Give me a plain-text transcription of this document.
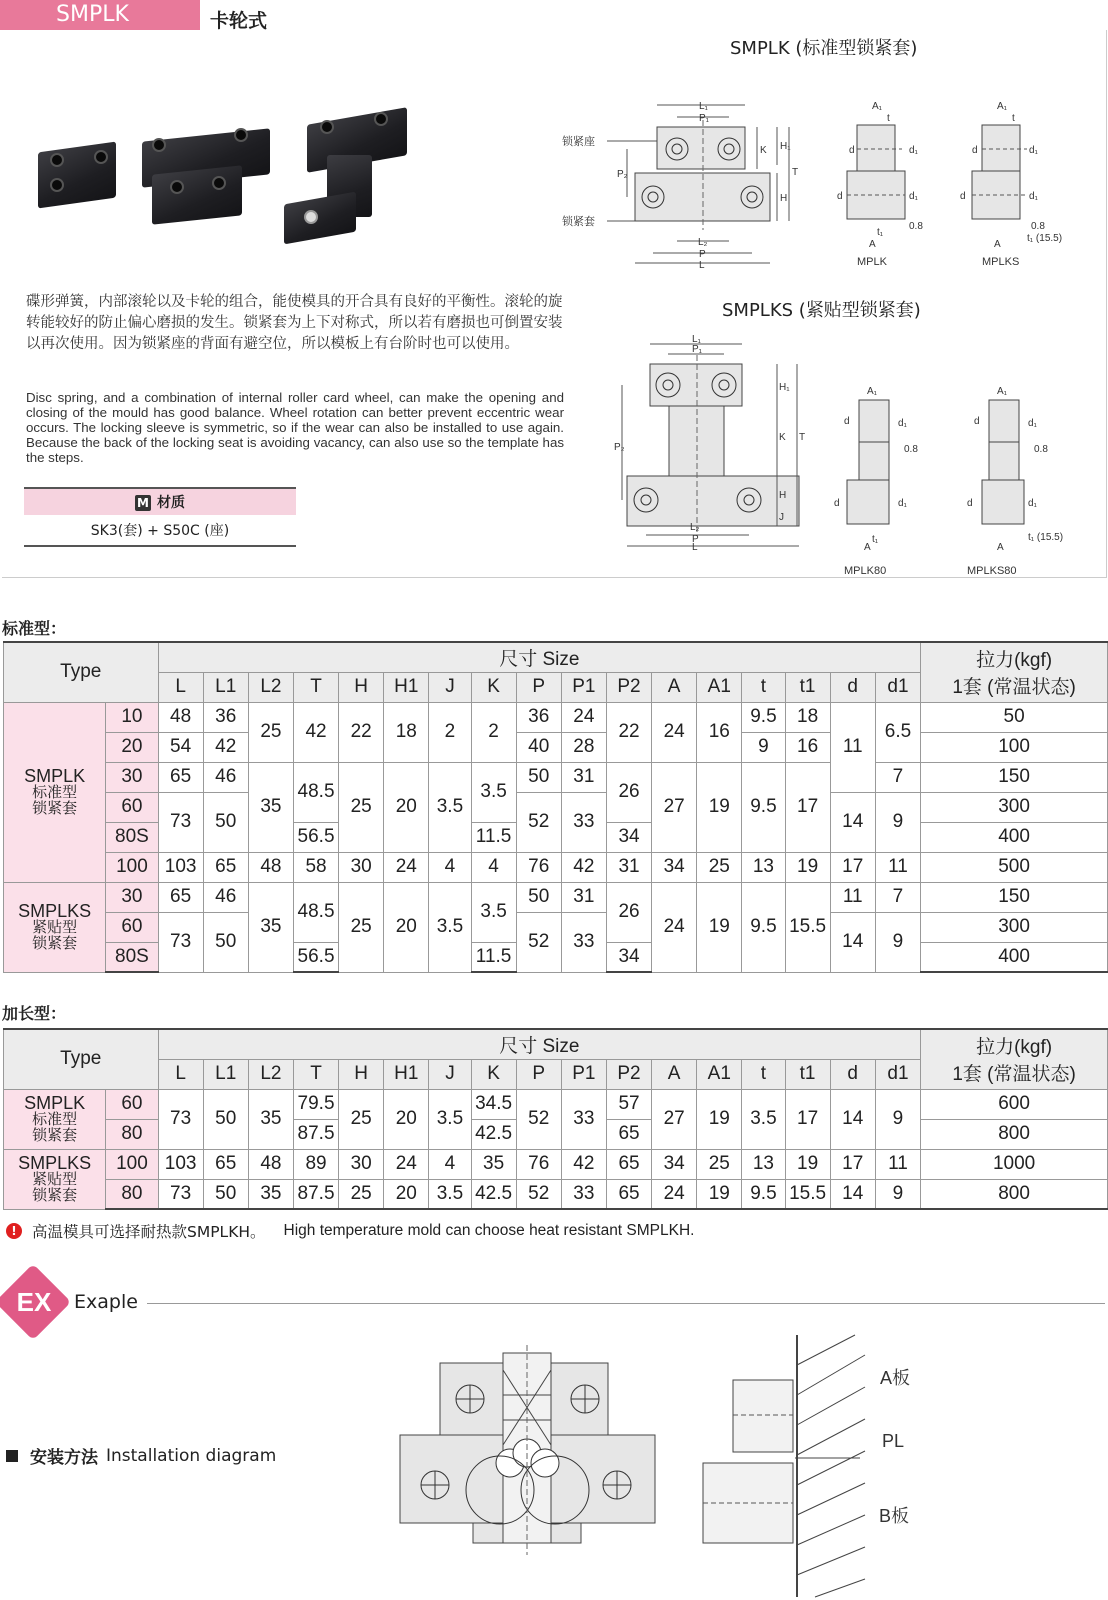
SMPLK	卡轮式
碟形弹簧，内部滚轮以及卡轮的组合，能使模具的开合具有良好的平衡性。滚轮的旋转能较好的防止偏心磨损的发生。锁紧套为上下对称式，所以若有磨损也可倒置安装以再次使用。因为锁紧座的背面有避空位，所以模板上有台阶时也可以使用。
Disc spring, and a combination of internal roller card wheel, can make the opening and closing of the mould has good balance. Wheel rotation can better prevent eccentric wear occurs. The locking sleeve is symmetric, so if the wear can also be installed to use again. Because the back of the locking seat is avoiding vacancy, can also use so the template has the steps.
M 材质
SK3(套) + S50C (座)
SMPLK (标准型锁紧套)
SMPLKS (紧贴型锁紧套)
锁紧座
锁紧套
L₁
P₁
L₂
P
L
K H₁
T
H
P₂
A₁
t
d	d₁
d	d₁
t₁
A
0.8
MPLK
A₁
t
d	d₁
d	d₁
0.8
t₁ (15.5)
A
MPLKS
L₁
P₁
L₂
P
L
H₁
K T
H
J
P₂
A₁
d	d₁
0.8
d	d₁
t₁
A
MPLK80
A₁
d	d₁
0.8
d	d₁
t₁ (15.5)
A
MPLKS80
标准型：
Type		尺寸 Size																	拉力(kgf)
1套 (常温状态)
		L	L1	L2	T	H	H1	J	K	P	P1	P2	A	A1	t	t1	d	d1	
SMPLK
标准型
锁紧套	10	48	36	25	42	22	18	2	2	36	24	22	24	16	9.5	18	11	6.5	50
	20	54	42							40	28				9	16			100
	30	65	46	35	48.5	25	20	3.5	3.5	50	31	26	27	19	9.5	17		7	150
	60	73	50							52	33						14	9	300
	80S				56.5				11.5			34							400
	100	103	65	48	58	30	24	4	4	76	42	31	34	25	13	19	17	11	500
SMPLKS
紧贴型
锁紧套	30	65	46	35	48.5	25	20	3.5	3.5	50	31	26	24	19	9.5	15.5	11	7	150
	60	73	50							52	33						14	9	300
	80S				56.5				11.5			34							400
加长型：
Type		尺寸 Size																	拉力(kgf)
1套 (常温状态)
		L	L1	L2	T	H	H1	J	K	P	P1	P2	A	A1	t	t1	d	d1	
SMPLK
标准型
锁紧套	60	73	50	35	79.5	25	20	3.5	34.5	52	33	57	27	19	3.5	17	14	9	600
	80				87.5				42.5			65							800
SMPLKS
紧贴型
锁紧套	100	103	65	48	89	30	24	4	35	76	42	65	34	25	13	19	17	11	1000
	80	73	50	35	87.5	25	20	3.5	42.5	52	33	65	24	19	9.5	15.5	14	9	800
! 高温模具可选择耐热款SMPLKH。 High temperature mold can choose heat resistant SMPLKH.
EX Exaple
安装方法 Installation diagram
A板
PL
B板
